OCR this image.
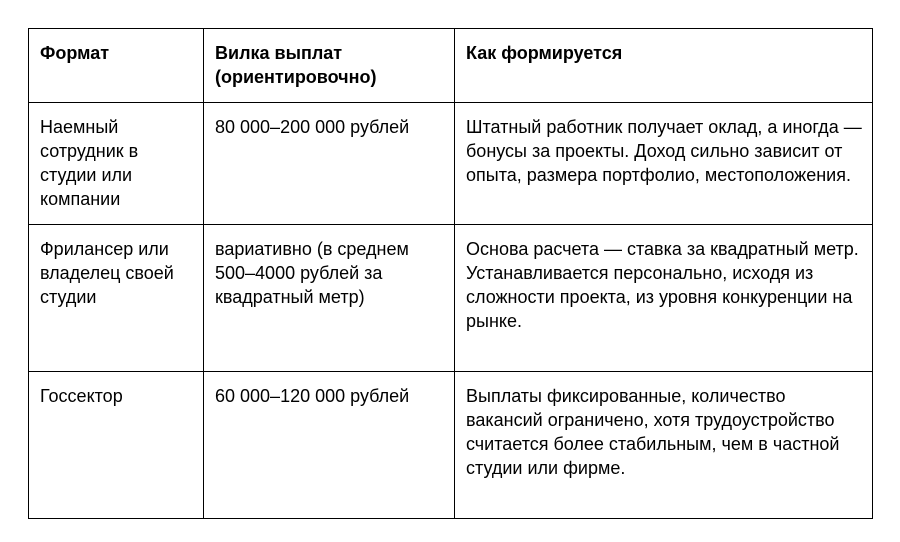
Формат	Вилка выплат (ориентировочно)	Как формируется
Наемный сотрудник в студии или компании	80 000–200 000 рублей	Штатный работник получает оклад, а иногда — бонусы за проекты. Доход сильно зависит от опыта, размера портфолио, местоположения.
Фрилансер или владелец своей студии	вариативно (в среднем 500–4000 рублей за квадратный метр)	Основа расчета — ставка за квадратный метр. Устанавливается персонально, исходя из сложности проекта, из уровня конкуренции на рынке.
Госсектор	60 000–120 000 рублей	Выплаты фиксированные, количество вакансий ограничено, хотя трудоустройство считается более стабильным, чем в частной студии или фирме.
